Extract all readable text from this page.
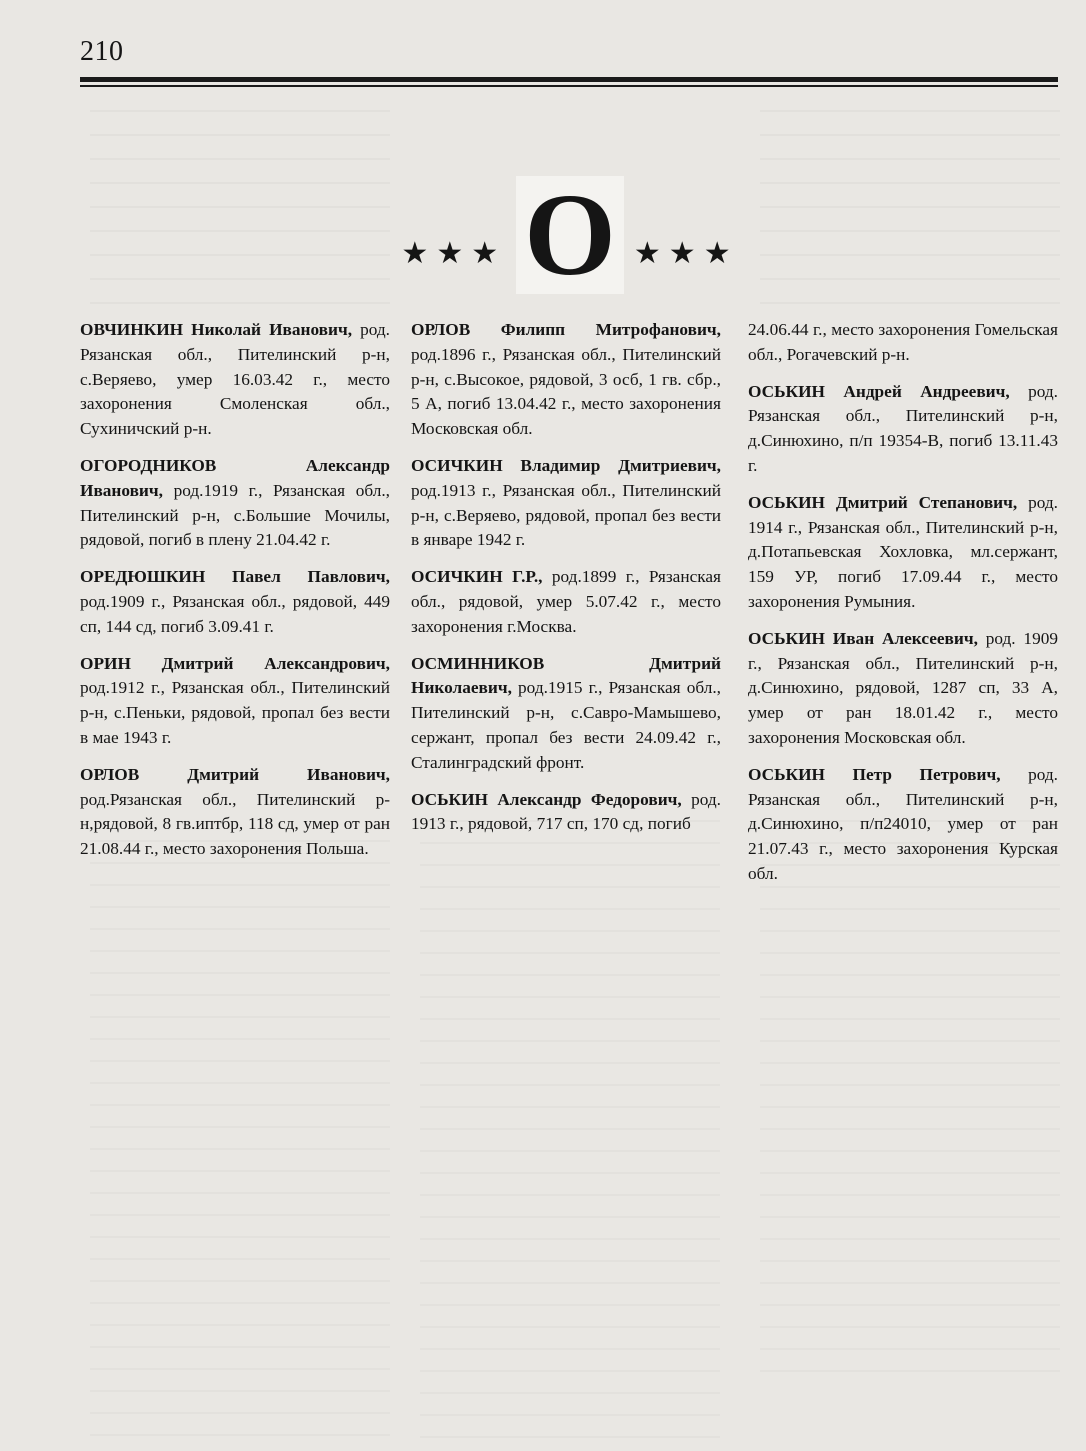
210
★★★ О ★★★

ОВЧИНКИН Николай Иванович, род. Рязанская обл., Пителинский р-н, с.Веряево, умер 16.03.42 г., место захоронения Смоленская обл., Сухиничский р-н.

ОГОРОДНИКОВ Александр Иванович, род.1919 г., Рязанская обл., Пителинский р-н, с.Большие Мочилы, рядовой, погиб в плену 21.04.42 г.

ОРЕДЮШКИН Павел Павлович, род.1909 г., Рязанская обл., рядовой, 449 сп, 144 сд, погиб 3.09.41 г.

ОРИН Дмитрий Александрович, род.1912 г., Рязанская обл., Пителинский р-н, с.Пеньки, рядовой, пропал без вести в мае 1943 г.

ОРЛОВ Дмитрий Иванович, род.Рязанская обл., Пителинский р-н,рядовой, 8 гв.иптбр, 118 сд, умер от ран 21.08.44 г., место захоронения Польша.

ОРЛОВ Филипп Митрофанович, род.1896 г., Рязанская обл., Пителинский р-н, с.Высокое, рядовой, 3 осб, 1 гв. сбр., 5 А, погиб 13.04.42 г., место захоронения Московская обл.

ОСИЧКИН Владимир Дмитриевич, род.1913 г., Рязанская обл., Пителинский р-н, с.Веряево, рядовой, пропал без вести в январе 1942 г.

ОСИЧКИН Г.Р., род.1899 г., Рязанская обл., рядовой, умер 5.07.42 г., место захоронения г.Москва.

ОСМИННИКОВ Дмитрий Николаевич, род.1915 г., Рязанская обл., Пителинский р-н, с.Савро-Мамышево, сержант, пропал без вести 24.09.42 г., Сталинградский фронт.

ОСЬКИН Александр Федорович, род. 1913 г., рядовой, 717 сп, 170 сд, погиб

24.06.44 г., место захоронения Гомельская обл., Рогачевский р-н.

ОСЬКИН Андрей Андреевич, род. Рязанская обл., Пителинский р-н, д.Синюхино, п/п 19354-В, погиб 13.11.43 г.

ОСЬКИН Дмитрий Степанович, род. 1914 г., Рязанская обл., Пителинский р-н, д.Потапьевская Хохловка, мл.сержант, 159 УР, погиб 17.09.44 г., место захоронения Румыния.

ОСЬКИН Иван Алексеевич, род. 1909 г., Рязанская обл., Пителинский р-н, д.Синюхино, рядовой, 1287 сп, 33 А, умер от ран 18.01.42 г., место захоронения Московская обл.

ОСЬКИН Петр Петрович, род. Рязанская обл., Пителинский р-н, д.Синюхино, п/п24010, умер от ран 21.07.43 г., место захоронения Курская обл.
